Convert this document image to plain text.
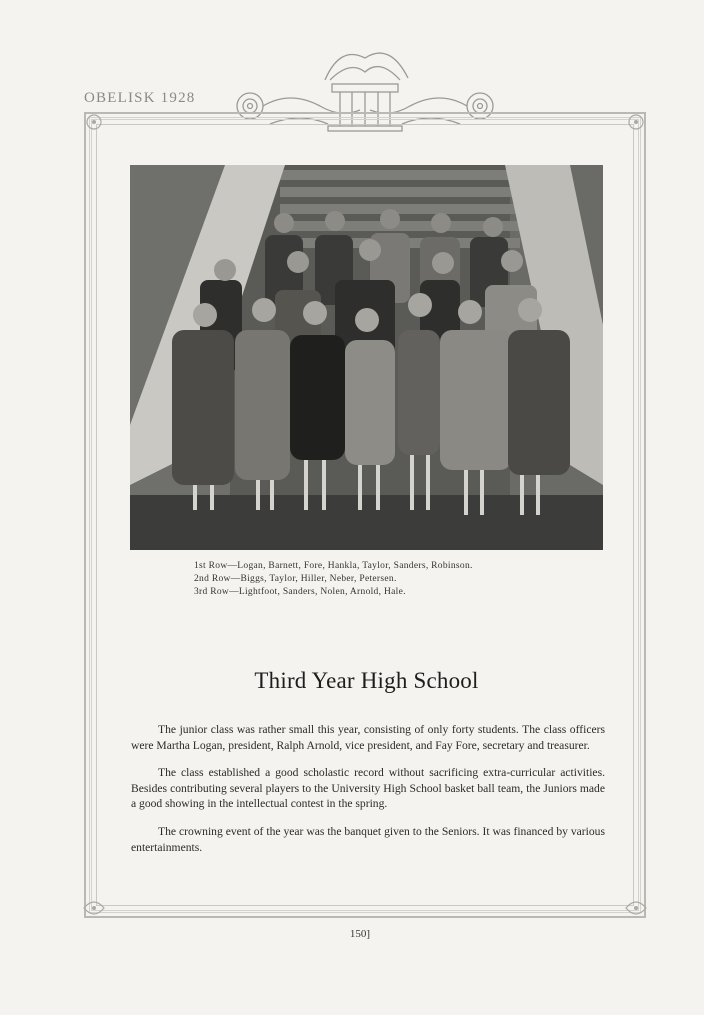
OBELISK 1928
1st Row—Logan, Barnett, Fore, Hankla, Taylor, Sanders, Robinson.
2nd Row—Biggs, Taylor, Hiller, Neber, Petersen.
3rd Row—Lightfoot, Sanders, Nolen, Arnold, Hale.
Third Year High School

The junior class was rather small this year, consisting of only forty students. The class officers were Martha Logan, president, Ralph Arnold, vice president, and Fay Fore, secretary and treasurer.

The class established a good scholastic record without sacrificing extra-curricular activities. Besides contributing several players to the University High School basket ball team, the Juniors made a good showing in the intellectual contest in the spring.

The crowning event of the year was the banquet given to the Seniors. It was financed by various entertainments.

150]
